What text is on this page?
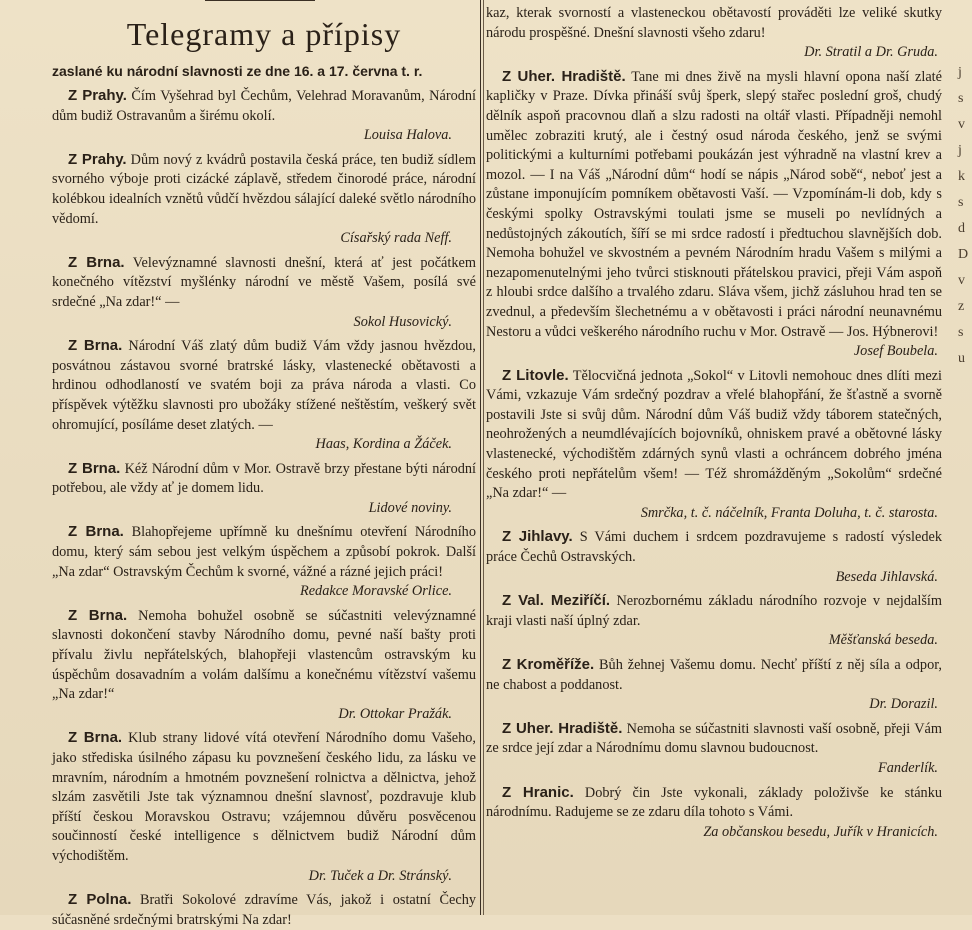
Telegramy a přípisy
zaslané ku národní slavnosti ze dne 16. a 17. června t. r.

Z Prahy. Čím Vyšehrad byl Čechům, Velehrad Moravanům, Národní dům budiž Ostravanům a širému okolí.

Louisa Halova.

Z Prahy. Dům nový z kvádrů postavila česká práce, ten budiž sídlem svorného výboje proti cizácké záplavě, středem činorodé práce, národní kolébkou idealních vznětů vůdčí hvězdou sálající daleké světlo národního vědomí.

Císařský rada Neff.

Z Brna. Velevýznamné slavnosti dnešní, která ať jest počátkem konečného vítězství myšlénky národní ve městě Vašem, posílá své srdečné „Na zdar!“ —

Sokol Husovický.

Z Brna. Národní Váš zlatý dům budiž Vám vždy jasnou hvězdou, posvátnou zástavou svorné bratrské lásky, vlastenecké obětavosti a hrdinou odhodlaností ve svatém boji za práva národa a vlasti. Co příspěvek výtěžku slavnosti pro ubožáky stížené neštěstím, veškerý svět ohromující, posíláme deset zlatých. —

Haas, Kordina a Žáček.

Z Brna. Kéž Národní dům v Mor. Ostravě brzy přestane býti národní potřebou, ale vždy ať je domem lidu.

Lidové noviny.

Z Brna. Blahopřejeme upřímně ku dnešnímu otevření Národního domu, který sám sebou jest velkým úspěchem a způsobí pokrok. Další „Na zdar“ Ostravským Čechům k svorné, vážné a rázné jejich práci!

Redakce Moravské Orlice.

Z Brna. Nemoha bohužel osobně se súčastniti velevýznamné slavnosti dokončení stavby Národního domu, pevné naší bašty proti přívalu živlu nepřátelských, blahopřeji vlastencům ostravským ku úspěchům dosavadním a volám dalšímu a konečnému vítězství vašemu „Na zdar!“

Dr. Ottokar Pražák.

Z Brna. Klub strany lidové vítá otevření Národního domu Vašeho, jako střediska úsilného zápasu ku povznešení českého lidu, za lásku ve mravním, národním a hmotném povznešení rolnictva a dělnictva, jehož slzám zasvětili Jste tak významnou dnešní slavnosť, pozdravuje klub příští českou Moravskou Ostravu; vzájemnou důvěru posvěcenou součinností české intelligence s dělnictvem budiž Národní dům východištěm.

Dr. Tuček a Dr. Stránský.

Z Polna. Bratři Sokolové zdravíme Vás, jakož i ostatní Čechy súčasněné srdečnými bratrskými Na zdar!

kaz, kterak svorností a vlasteneckou obětavostí prováděti lze veliké skutky národu prospěšné. Dnešní slavnosti všeho zdaru!

Dr. Stratil a Dr. Gruda.

Z Uher. Hradiště. Tane mi dnes živě na mysli hlavní opona naší zlaté kapličky v Praze. Dívka přináší svůj šperk, slepý stařec poslední groš, chudý dělník aspoň pracovnou dlaň a slzu radosti na oltář vlasti. Případněji nemohl umělec zobraziti krutý, ale i čestný osud národa českého, jenž se svými politickými a kulturními potřebami poukázán jest výhradně na vlastní krev a mozol. — I na Váš „Národní dům“ hodí se nápis „Národ sobě“, neboť jest a zůstane imponujícím pomníkem obětavosti Vaší. — Vzpomínám-li dob, kdy s českými spolky Ostravskými toulati jsme se museli po nevlídných a nedůstojných zákoutích, šíří se mi srdce radostí i předtuchou slavnějších dob. Nemoha bohužel ve skvostném a pevném Národním hradu Vašem s milými a nezapomenutelnými jeho tvůrci stisknouti přátelskou pravici, přeji Vám aspoň z hloubi srdce dalšího a trvalého zdaru. Sláva všem, jichž zásluhou hrad ten se zvednul, a především šlechetnému a v obětavosti i práci národní neunavnému Nestoru a vůdci veškerého národního ruchu v Mor. Ostravě — Jos. Hýbnerovi!

Josef Boubela.

Z Litovle. Tělocvičná jednota „Sokol“ v Litovli nemohouc dnes dlíti mezi Vámi, vzkazuje Vám srdečný pozdrav a vřelé blahopřání, že šťastně a svorně postavili Jste si svůj dům. Národní dům Váš budiž vždy táborem statečných, neohrožených a neumdlévajících bojovníků, ohniskem pravé a obětovné lásky vlastenecké, východištěm zdárných synů vlasti a ochráncem dobrého jména českého proti nepřátelům všem! — Též shromážděným „Sokolům“ srdečné „Na zdar!“ —

Smrčka, t. č. náčelník, Franta Doluha, t. č. starosta.

Z Jihlavy. S Vámi duchem i srdcem pozdravujeme s radostí výsledek práce Čechů Ostravských.

Beseda Jihlavská.

Z Val. Meziříčí. Nerozbornému základu národního rozvoje v nejdalším kraji vlasti naší úplný zdar.

Měšťanská beseda.

Z Kroměříže. Bůh žehnej Vašemu domu. Nechť příští z něj síla a odpor, ne chabost a poddanost.

Dr. Dorazil.

Z Uher. Hradiště. Nemoha se súčastniti slavnosti vaší osobně, přeji Vám ze srdce její zdar a Národnímu domu slavnou budoucnost.

Fanderlík.

Z Hranic. Dobrý čin Jste vykonali, základy položivše ke stánku národnímu. Radujeme se ze zdaru díla tohoto s Vámi.

Za občanskou besedu, Juřík v Hranicích.
j
s
v
j
k
s
d
D
v
z
s
u
